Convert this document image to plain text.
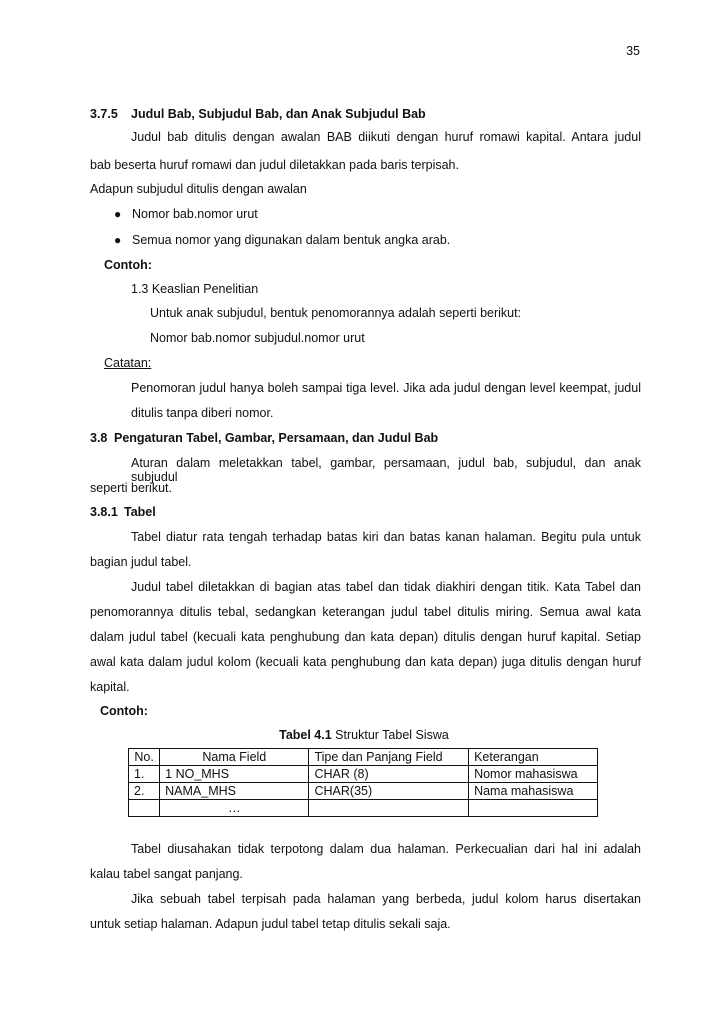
35
3.7.5 Judul Bab, Subjudul Bab, dan Anak Subjudul Bab
Judul bab ditulis dengan awalan BAB diikuti dengan huruf romawi kapital. Antara judul
bab beserta huruf romawi dan judul diletakkan pada baris terpisah.
Adapun subjudul ditulis dengan awalan
● Nomor bab.nomor urut
● Semua nomor yang digunakan dalam bentuk angka arab.
Contoh:
1.3 Keaslian Penelitian
Untuk anak subjudul, bentuk penomorannya adalah seperti berikut:
Nomor bab.nomor subjudul.nomor urut
Catatan:
Penomoran judul hanya boleh sampai tiga level. Jika ada judul dengan level keempat, judul
ditulis tanpa diberi nomor.
3.8 Pengaturan Tabel, Gambar, Persamaan, dan Judul Bab
Aturan dalam meletakkan tabel, gambar, persamaan, judul bab, subjudul, dan anak subjudul
seperti berikut.
3.8.1 Tabel
Tabel diatur rata tengah terhadap batas kiri dan batas kanan halaman. Begitu pula untuk
bagian judul tabel.
Judul tabel diletakkan di bagian atas tabel dan tidak diakhiri dengan titik. Kata Tabel dan
penomorannya ditulis tebal, sedangkan keterangan judul tabel ditulis miring. Semua awal kata
dalam judul tabel (kecuali kata penghubung dan kata depan) ditulis dengan huruf kapital. Setiap
awal kata dalam judul kolom (kecuali kata penghubung dan kata depan) juga ditulis dengan huruf
kapital.
Contoh:
Tabel 4.1 Struktur Tabel Siswa
No.	Nama Field	Tipe dan Panjang Field	Keterangan
1.	1 NO_MHS	CHAR (8)	Nomor mahasiswa
2.	NAMA_MHS	CHAR(35)	Nama mahasiswa
	…		
Tabel diusahakan tidak terpotong dalam dua halaman. Perkecualian dari hal ini adalah
kalau tabel sangat panjang.
Jika sebuah tabel terpisah pada halaman yang berbeda, judul kolom harus disertakan
untuk setiap halaman. Adapun judul tabel tetap ditulis sekali saja.
